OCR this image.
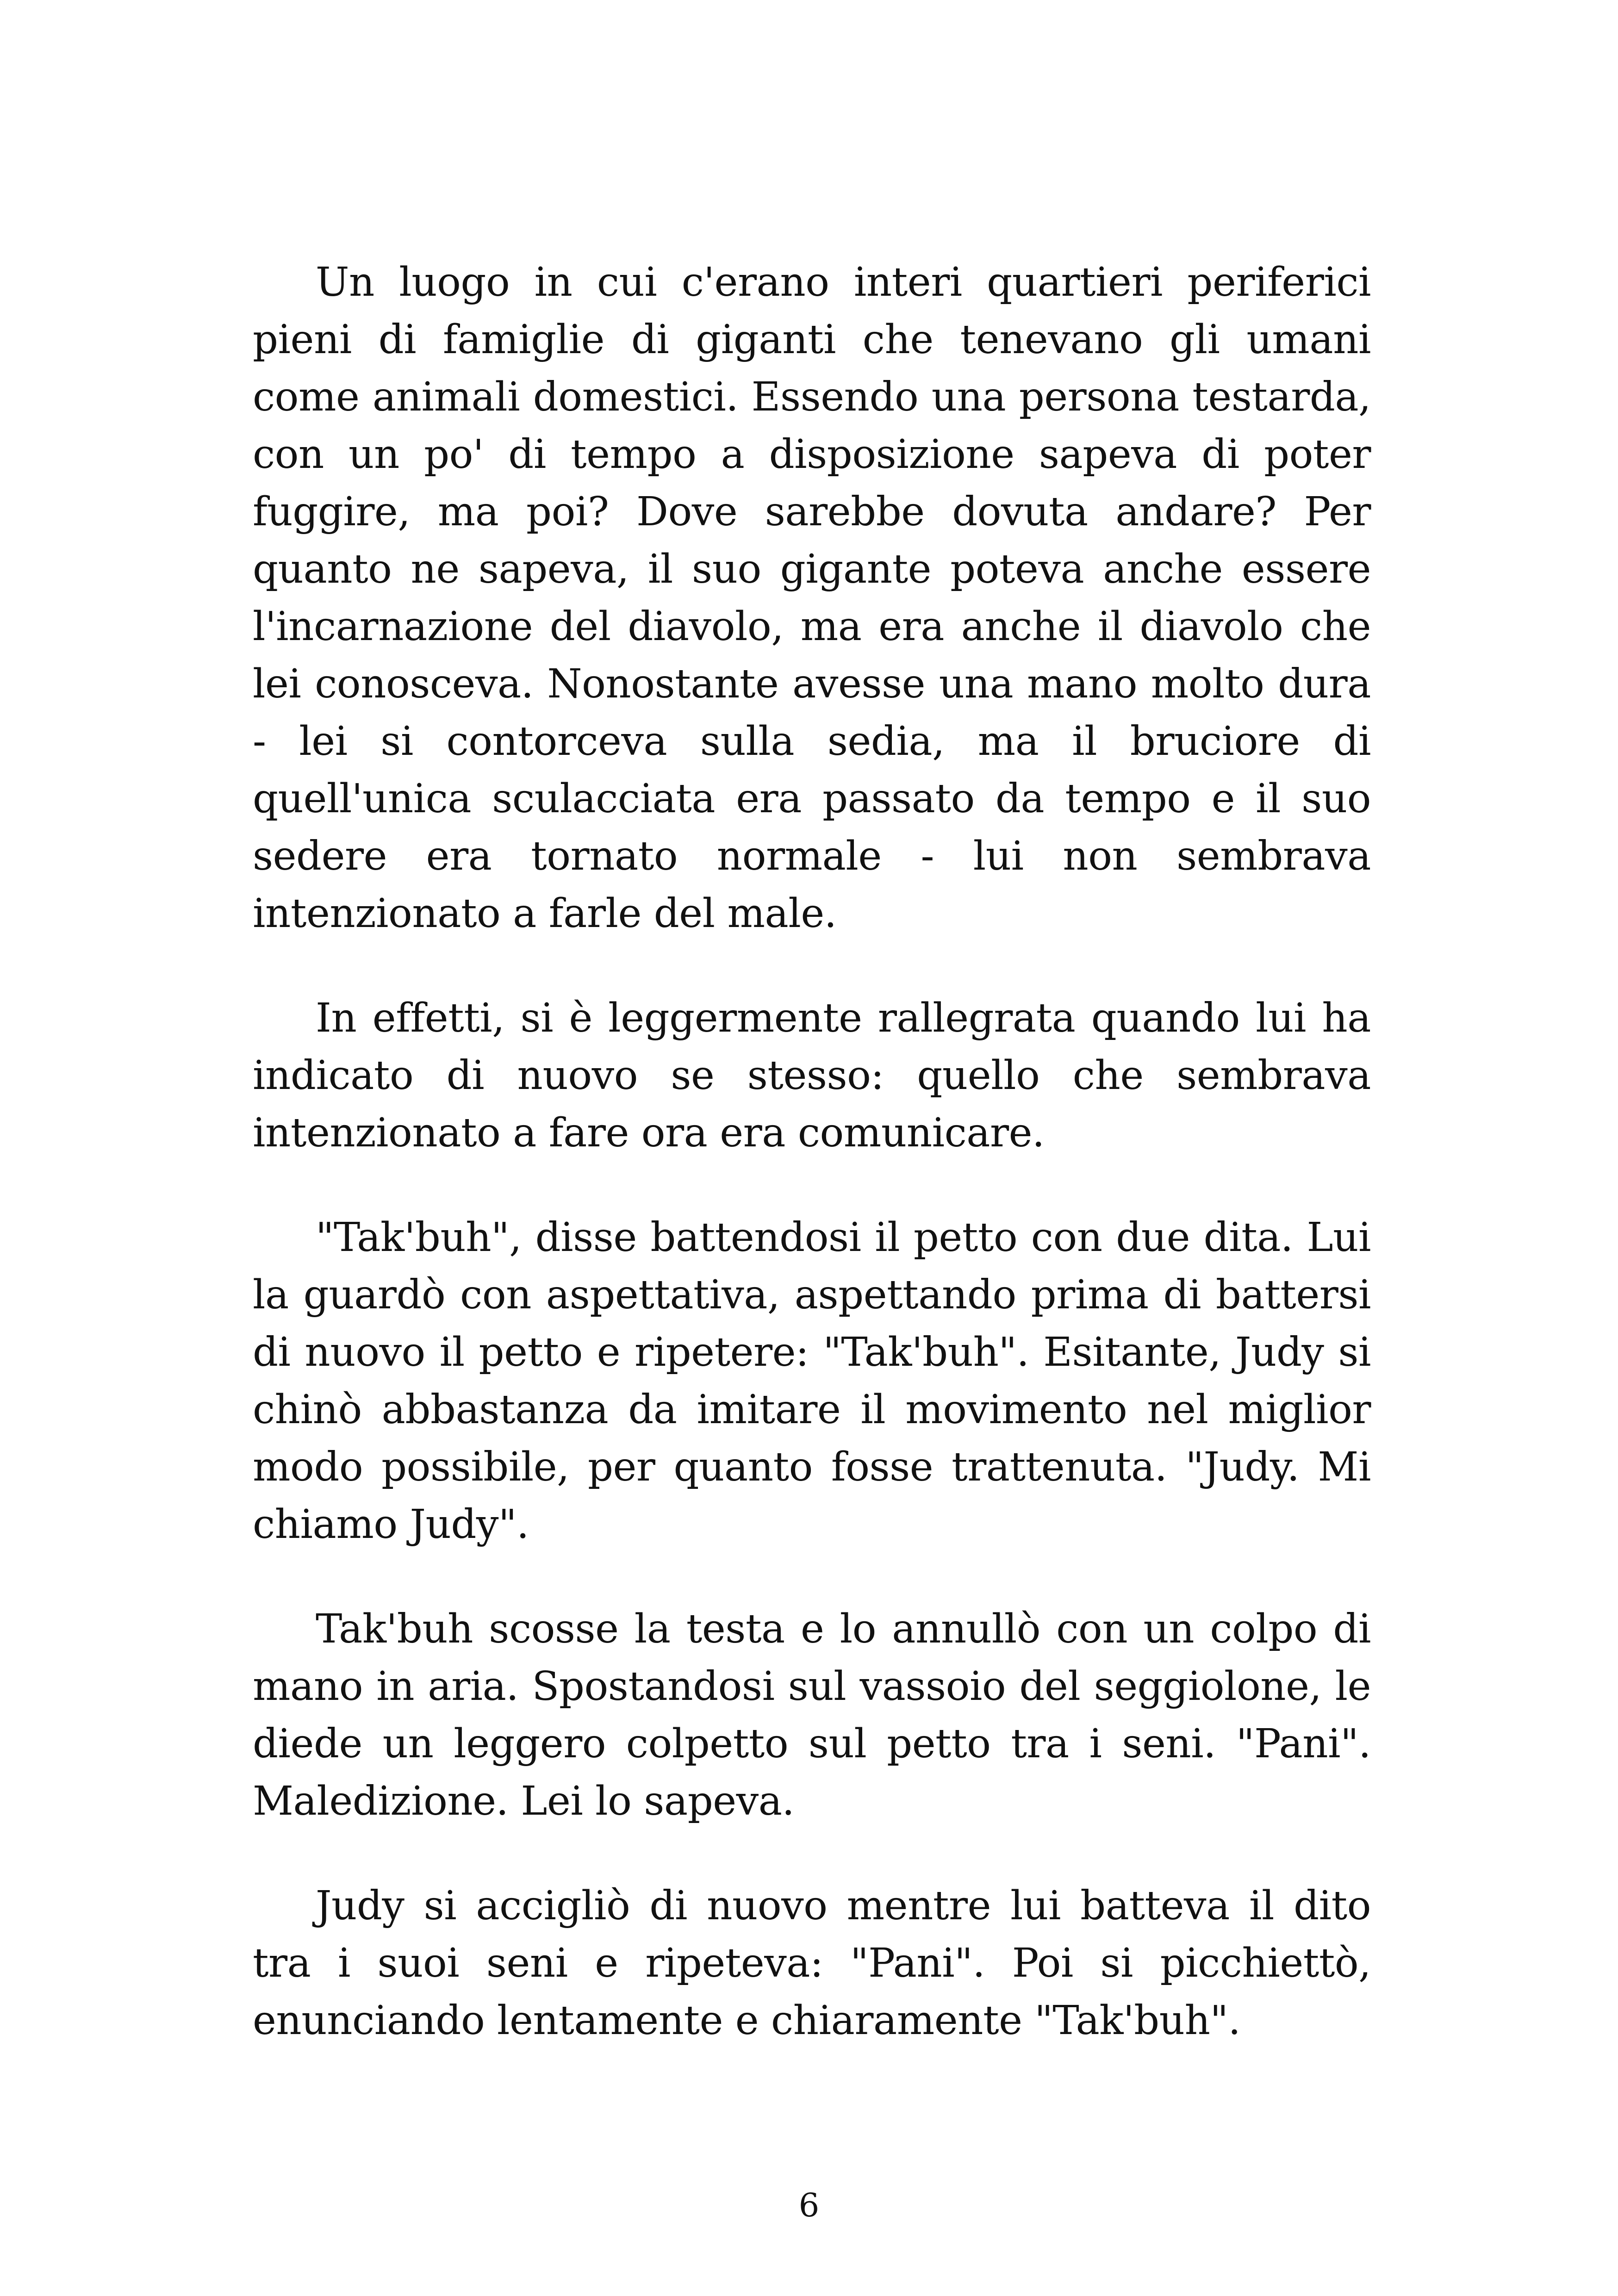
Un luogo in cui c'erano interi quartieri periferici pieni di famiglie di giganti che tenevano gli umani come animali domestici. Essendo una persona testarda, con un po' di tempo a disposizione sapeva di poter fuggire, ma poi? Dove sarebbe dovuta andare? Per quanto ne sapeva, il suo gigante poteva anche essere l'incarnazione del diavolo, ma era anche il diavolo che lei conosceva. Nonostante avesse una mano molto dura - lei si contorceva sulla sedia, ma il bruciore di quell'unica sculacciata era passato da tempo e il suo sedere era tornato normale - lui non sembrava intenzionato a farle del male.

In effetti, si è leggermente rallegrata quando lui ha indicato di nuovo se stesso: quello che sembrava intenzionato a fare ora era comunicare.

"Tak'buh", disse battendosi il petto con due dita. Lui la guardò con aspettativa, aspettando prima di battersi di nuovo il petto e ripetere: "Tak'buh". Esitante, Judy si chinò abbastanza da imitare il movimento nel miglior modo possibile, per quanto fosse trattenuta. "Judy. Mi chiamo Judy".

Tak'buh scosse la testa e lo annullò con un colpo di mano in aria. Spostandosi sul vassoio del seggiolone, le diede un leggero colpetto sul petto tra i seni. "Pani". Maledizione. Lei lo sapeva.

Judy si accigliò di nuovo mentre lui batteva il dito tra i suoi seni e ripeteva: "Pani". Poi si picchiettò, enunciando lentamente e chiaramente "Tak'buh".

6
